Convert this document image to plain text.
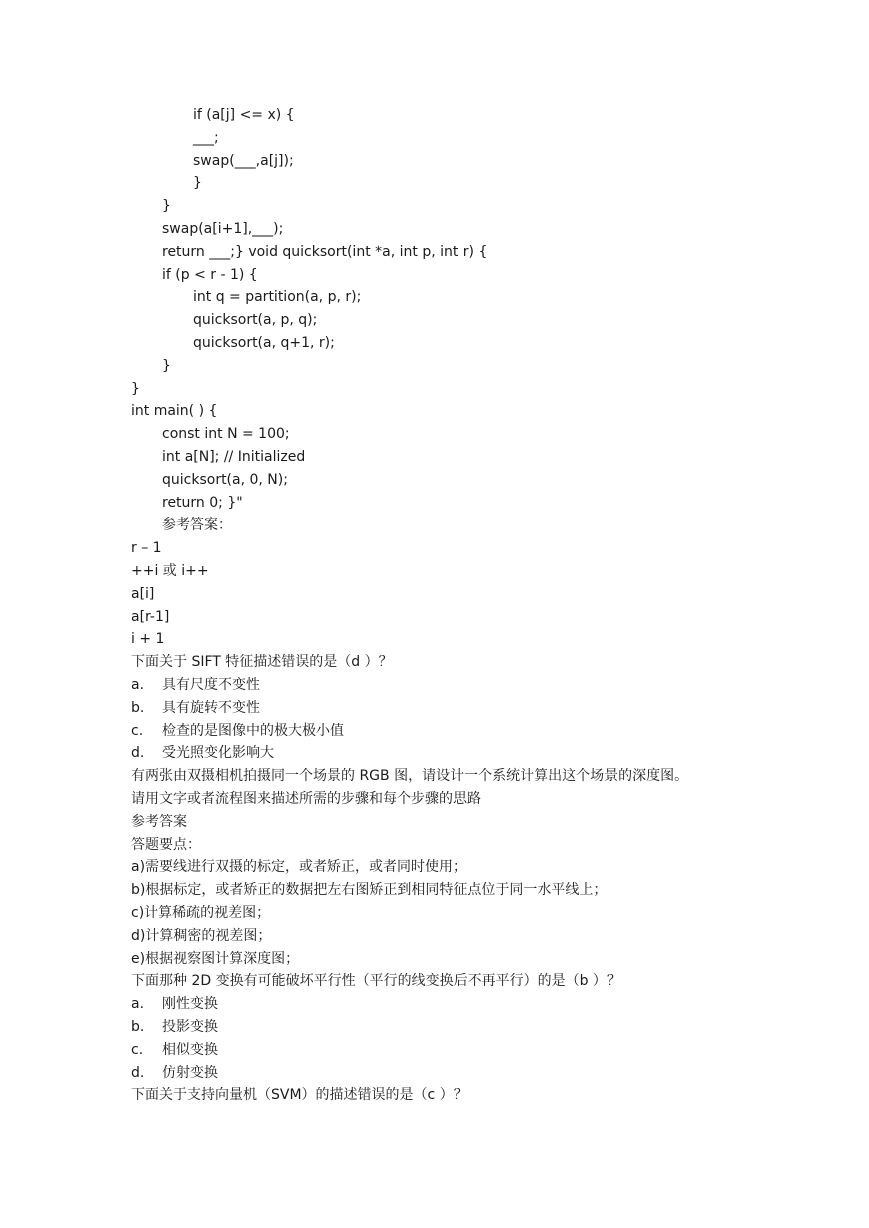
if (a[j] <= x) {
___;
swap(___,a[j]);
}
}
swap(a[i+1],___);
return ___;} void quicksort(int *a, int p, int r) {
if (p < r - 1) {
int q = partition(a, p, r);
quicksort(a, p, q);
quicksort(a, q+1, r);
}
}
int main( ) {
const int N = 100;
int a[N]; // Initialized
quicksort(a, 0, N);
return 0; }"
参考答案：
r – 1
++i 或 i++
a[i]
a[r-1]
i + 1
下面关于 SIFT 特征描述错误的是（d ）？
a. 具有尺度不变性
b. 具有旋转不变性
c. 检查的是图像中的极大极小值
d. 受光照变化影响大
有两张由双摄相机拍摄同一个场景的 RGB 图，请设计一个系统计算出这个场景的深度图。
请用文字或者流程图来描述所需的步骤和每个步骤的思路
参考答案
答题要点：
a)需要线进行双摄的标定，或者矫正，或者同时使用；
b)根据标定，或者矫正的数据把左右图矫正到相同特征点位于同一水平线上；
c)计算稀疏的视差图；
d)计算稠密的视差图；
e)根据视察图计算深度图；
下面那种 2D 变换有可能破坏平行性（平行的线变换后不再平行）的是（b ）？
a. 刚性变换
b. 投影变换
c. 相似变换
d. 仿射变换
下面关于支持向量机（SVM）的描述错误的是（c ）？
